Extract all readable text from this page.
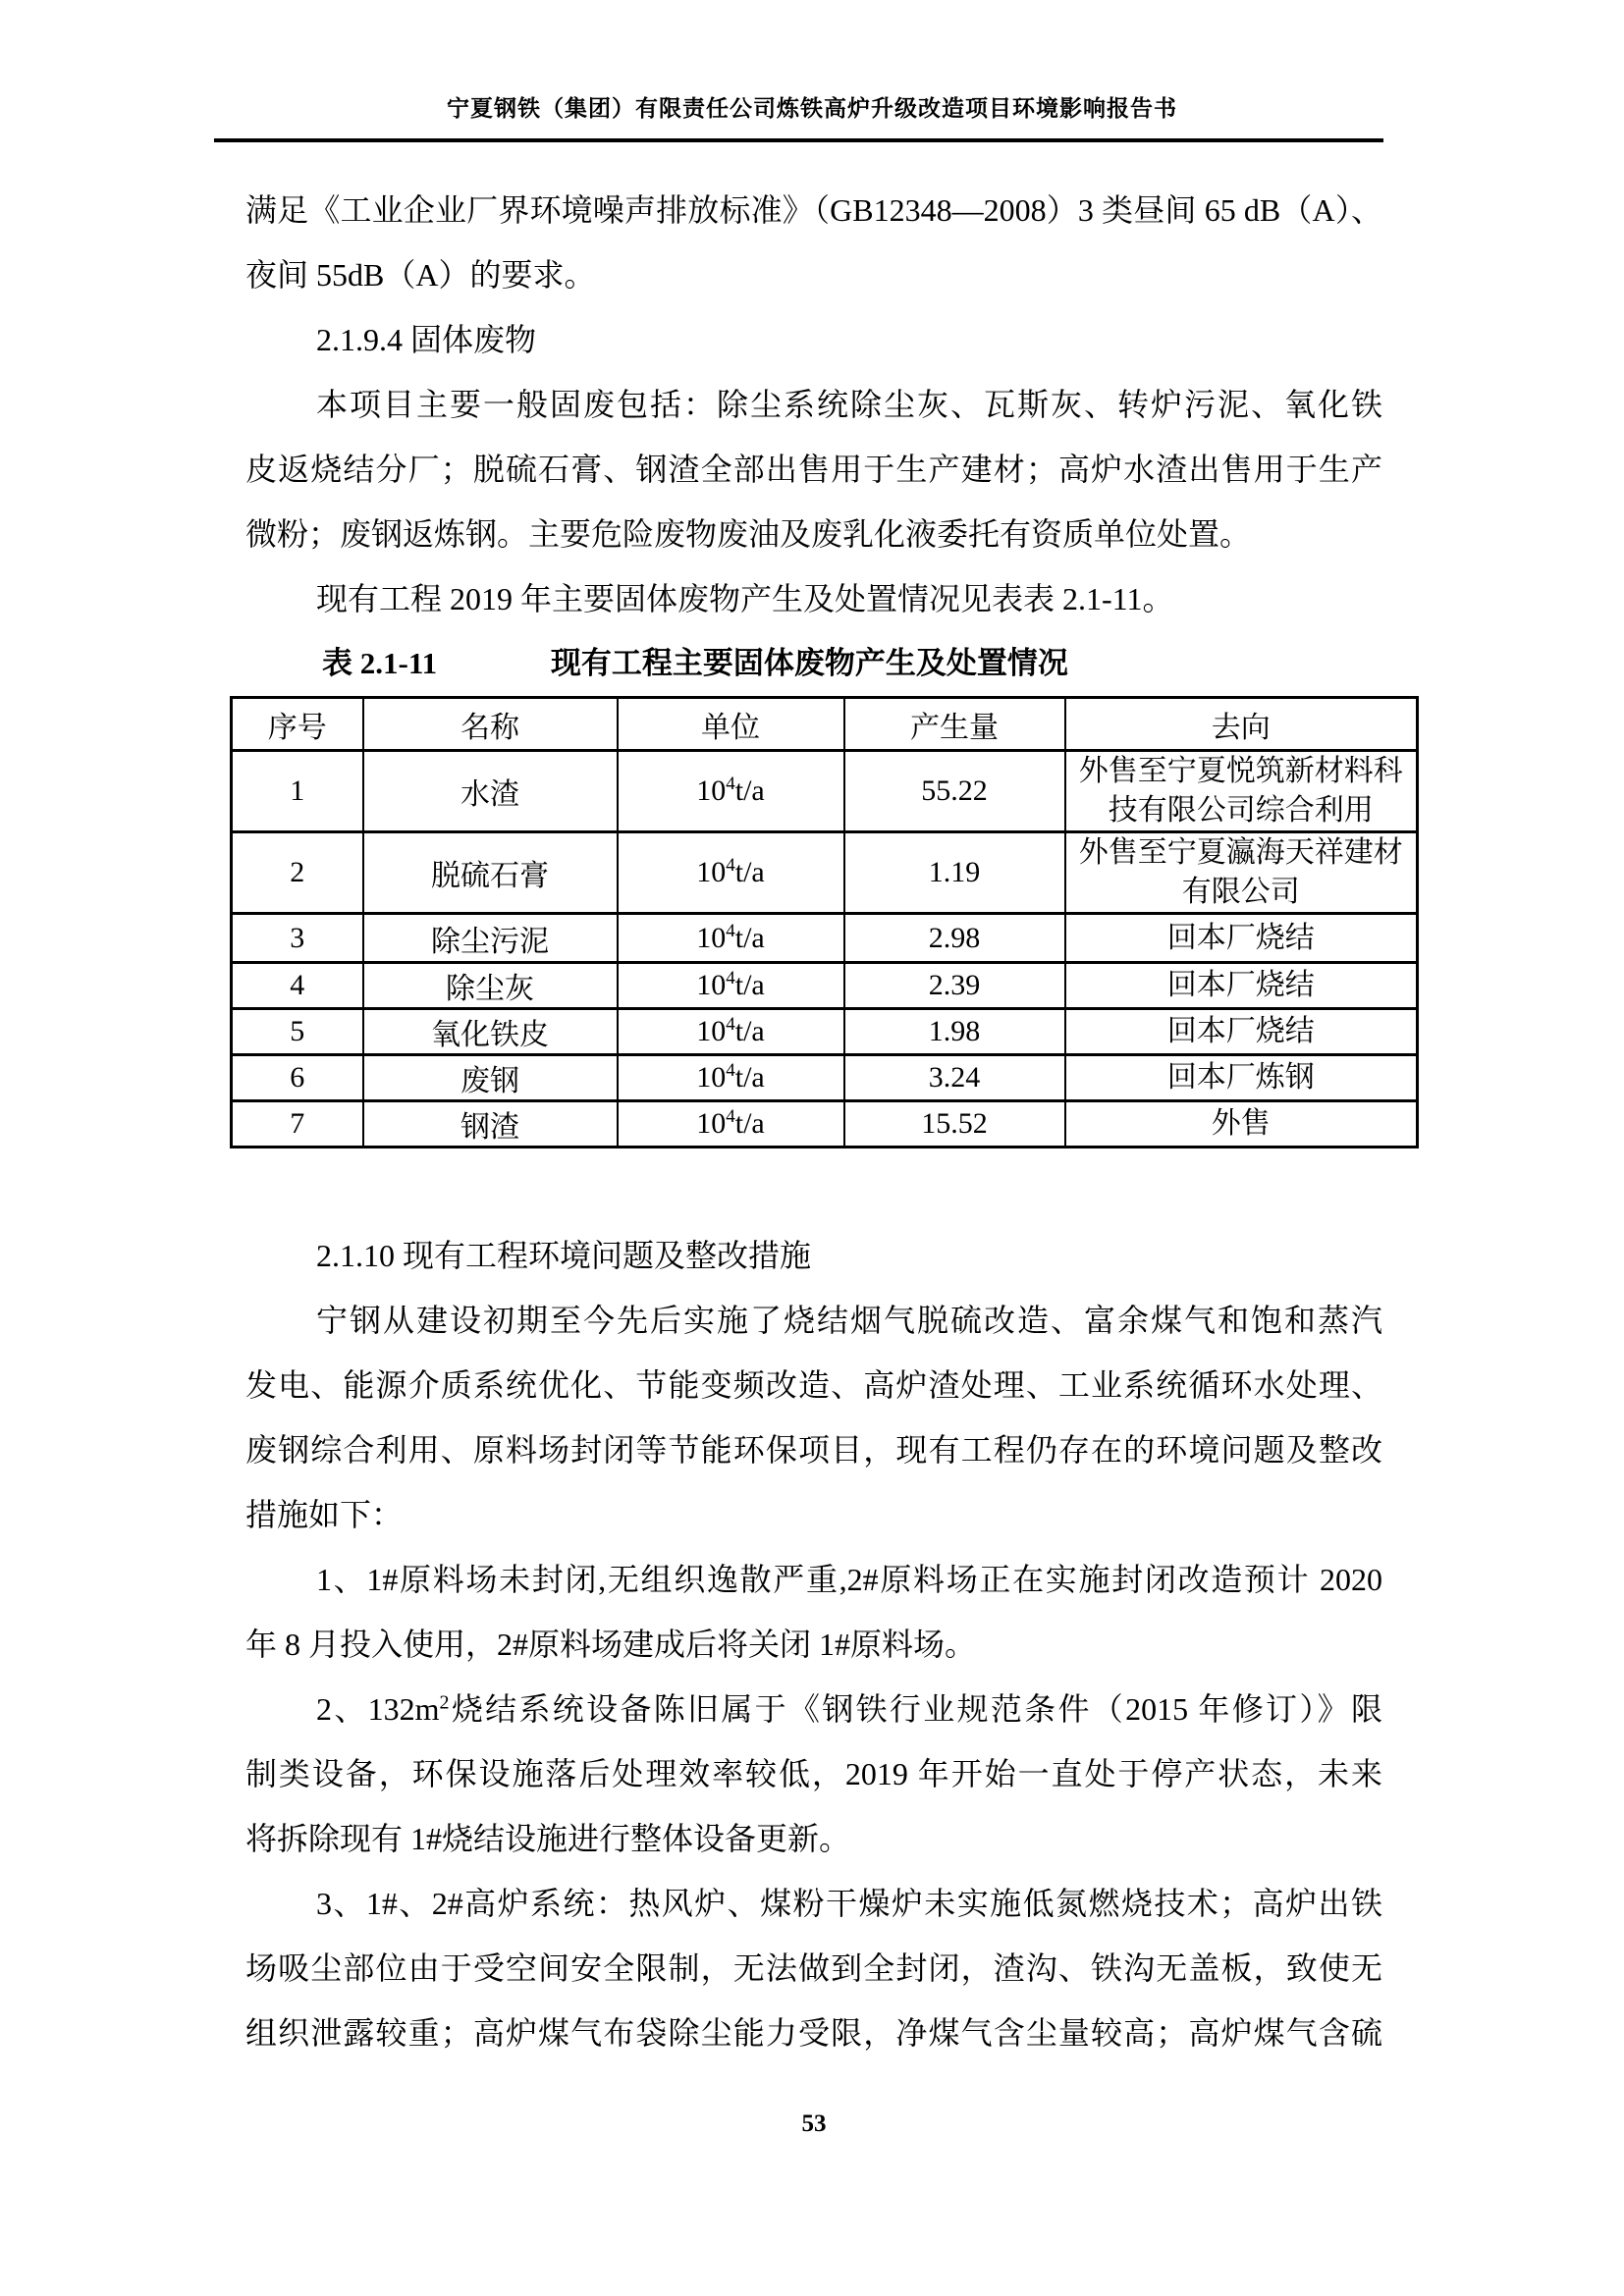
宁夏钢铁（集团）有限责任公司炼铁高炉升级改造项目环境影响报告书
满足《工业企业厂界环境噪声排放标准》（GB12348—2008）3 类昼间 65 dB（A）、
夜间 55dB（A）的要求。
2.1.9.4 固体废物
本项目主要一般固废包括：除尘系统除尘灰、瓦斯灰、转炉污泥、氧化铁
皮返烧结分厂；脱硫石膏、钢渣全部出售用于生产建材；高炉水渣出售用于生产
微粉；废钢返炼钢。主要危险废物废油及废乳化液委托有资质单位处置。
现有工程 2019 年主要固体废物产生及处置情况见表表 2.1-11。
表 2.1-11	现有工程主要固体废物产生及处置情况
序号	名称	单位	产生量	去向
1	水渣	$10^4t/a$	55.22	外售至宁夏悦筑新材料科技有限公司综合利用
2	脱硫石膏	$10^4t/a$	1.19	外售至宁夏瀛海天祥建材有限公司
3	除尘污泥	$10^4t/a$	2.98	回本厂烧结
4	除尘灰	$10^4t/a$	2.39	回本厂烧结
5	氧化铁皮	$10^4t/a$	1.98	回本厂烧结
6	废钢	$10^4t/a$	3.24	回本厂炼钢
7	钢渣	$10^4t/a$	15.52	外售
2.1.10 现有工程环境问题及整改措施
宁钢从建设初期至今先后实施了烧结烟气脱硫改造、富余煤气和饱和蒸汽
发电、能源介质系统优化、节能变频改造、高炉渣处理、工业系统循环水处理、
废钢综合利用、原料场封闭等节能环保项目，现有工程仍存在的环境问题及整改
措施如下：
1、1#原料场未封闭,无组织逸散严重,2#原料场正在实施封闭改造预计 2020
年 8 月投入使用，2#原料场建成后将关闭 1#原料场。
2、$132m^2$烧结系统设备陈旧属于《钢铁行业规范条件（2015 年修订）》限
制类设备，环保设施落后处理效率较低，2019 年开始一直处于停产状态，未来
将拆除现有 1#烧结设施进行整体设备更新。
3、1#、2#高炉系统：热风炉、煤粉干燥炉未实施低氮燃烧技术；高炉出铁
场吸尘部位由于受空间安全限制，无法做到全封闭，渣沟、铁沟无盖板，致使无
组织泄露较重；高炉煤气布袋除尘能力受限，净煤气含尘量较高；高炉煤气含硫
53
